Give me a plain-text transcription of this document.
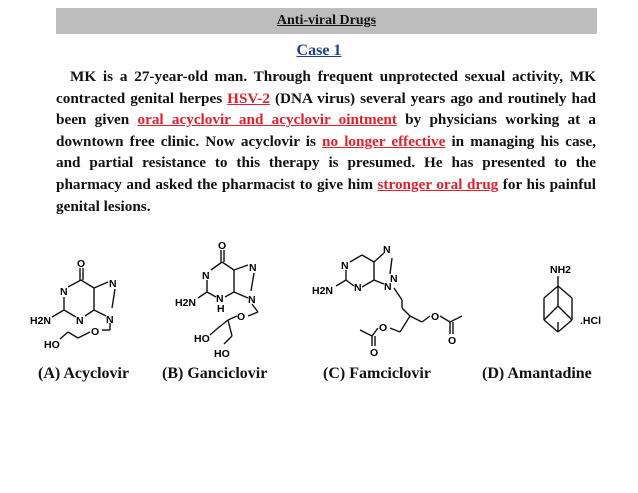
Anti-viral Drugs
Case 1
MK is a 27-year-old man. Through frequent unprotected sexual activity, MK contracted genital herpes HSV-2 (DNA virus) several years ago and routinely had been given oral acyclovir and acyclovir ointment by physicians working at a downtown free clinic. Now acyclovir is no longer effective in managing his case, and partial resistance to this therapy is presumed. He has presented to the pharmacy and asked the pharmacist to give him stronger oral drug for his painful genital lesions.
O
N
N
H2N N N
O
HO
O
N
N
H2N N
H
N
O
HO
HO
N
N
N
H2N N N
O
O
O
O
NH2
.HCl
(A) Acyclovir (B) Ganciclovir	(C) Famciclovir	(D) Amantadine
